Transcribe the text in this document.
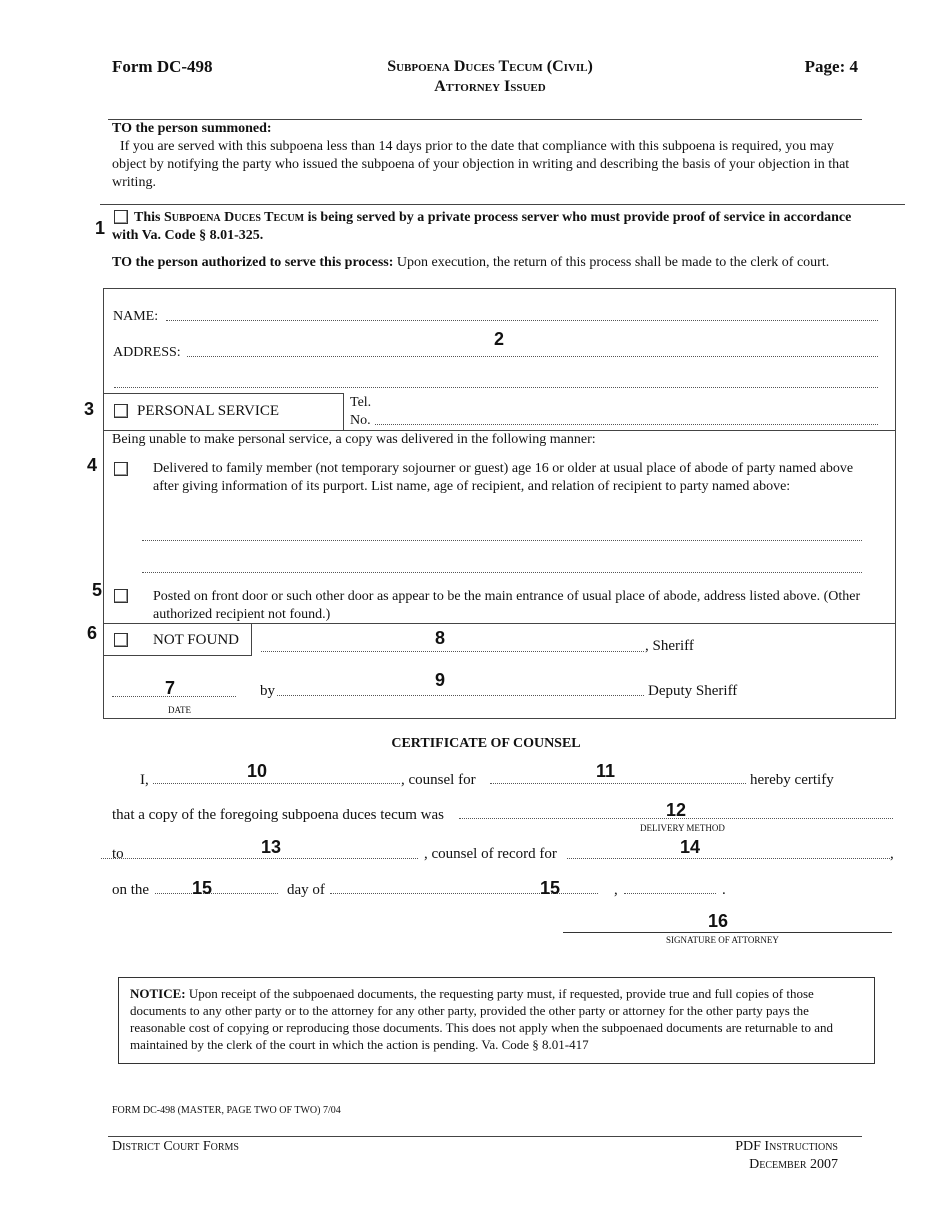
Form DC-498	Subpoena Duces Tecum (Civil)
Attorney Issued
Page: 4
TO the person summoned:
If you are served with this subpoena less than 14 days prior to the date that compliance with this subpoena is required, you may object by notifying the party who issued the subpoena of your objection in writing and describing the basis of your objection in that writing.
1
This Subpoena Duces Tecum is being served by a private process server who must provide proof of service in accordance with Va. Code § 8.01-325.
TO the person authorized to serve this process: Upon execution, the return of this process shall be made to the clerk of court.
NAME:
ADDRESS:
2
3	PERSONAL SERVICE
Tel.
No.
Being unable to make personal service, a copy was delivered in the following manner:
4	Delivered to family member (not temporary sojourner or guest) age 16 or older at usual place of abode of party named above after giving information of its purport. List name, age of recipient, and relation of recipient to party named above:
5	Posted on front door or such other door as appear to be the main entrance of usual place of abode, address listed above. (Other authorized recipient not found.)
6	NOT FOUND	8	, Sheriff
7
DATE
by
9
Deputy Sheriff
CERTIFICATE OF COUNSEL
I,	10	, counsel for	11	hereby certify
that a copy of the foregoing subpoena duces tecum was	12
DELIVERY METHOD
to	13	, counsel of record for	14	,
on the 15	day of	15	,	.
16
SIGNATURE OF ATTORNEY
NOTICE: Upon receipt of the subpoenaed documents, the requesting party must, if requested, provide true and full copies of those documents to any other party or to the attorney for any other party, provided the other party or attorney for the other party pays the reasonable cost of copying or reproducing those documents. This does not apply when the subpoenaed documents are returnable to and maintained by the clerk of the court in which the action is pending. Va. Code § 8.01-417
FORM DC-498 (MASTER, PAGE TWO OF TWO) 7/04
District Court Forms	PDF Instructions
December 2007
